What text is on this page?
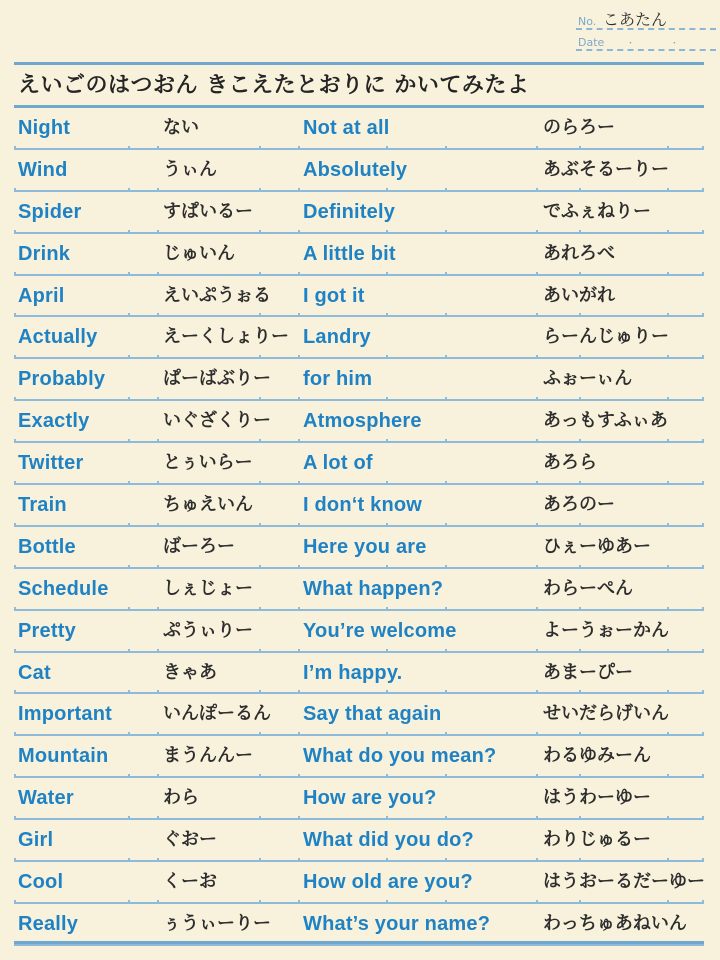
No. こあたん
Date ・ ・
えいごのはつおん きこえたとおりに かいてみたよ
Night	ない	Not at all	のらろー
Wind	うぃん	Absolutely	あぶそるーりー
Spider	すぱいるー	Definitely	でふぇねりー
Drink	じゅいん	A little bit	あれろべ
April	えいぷうぉる I got it	あいがれ
Actually	えーくしょりー Landry	らーんじゅりー
Probably	ぱーばぶりー for him	ふぉーぃん
Exactly	いぐざくりー Atmosphere	あっもすふぃあ
Twitter	とぅいらー	A lot of	あろら
Train	ちゅえいん	I don‘t know	あろのー
Bottle	ばーろー	Here you are	ひぇーゆあー
Schedule	しぇじょー	What happen?	わらーぺん
Pretty	ぷうぃりー	You’re welcome	よーうぉーかん
Cat	きゃあ	I’m happy.	あまーぴー
Important	いんぽーるん Say that again	せいだらげいん
Mountain	まうんんー	What do you mean?	わるゆみーん
Water	わら	How are you?	はうわーゆー
Girl	ぐおー	What did you do?	わりじゅるー
Cool	くーお	How old are you?	はうおーるだーゆー
Really	ぅうぃーりー What’s your name?	わっちゅあねいん
